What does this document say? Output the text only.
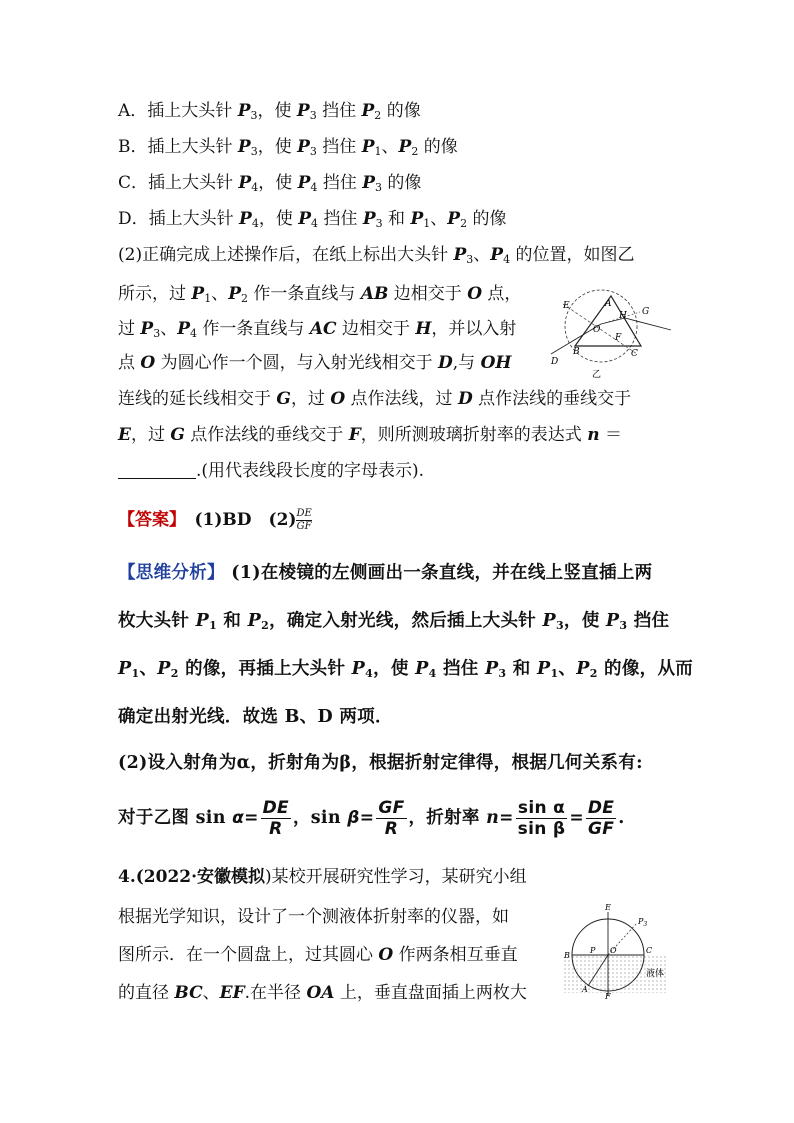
A．插上大头针 $P_3$，使 $P_3$ 挡住 $P_2$ 的像
B．插上大头针 $P_3$，使 $P_3$ 挡住 $P_1$、$P_2$ 的像
C．插上大头针 $P_4$，使 $P_4$ 挡住 $P_3$ 的像
D．插上大头针 $P_4$，使 $P_4$ 挡住 $P_3$ 和 $P_1$、$P_2$ 的像
(2)正确完成上述操作后，在纸上标出大头针 $P_3$、$P_4$ 的位置，如图乙
所示，过 $P_1$、$P_2$ 作一条直线与 AB 边相交于 O 点，
过 $P_3$、$P_4$ 作一条直线与 AC 边相交于 H，并以入射
点 O 为圆心作一个圆，与入射光线相交于 D,与 OH
连线的延长线相交于 G，过 O 点作法线，过 D 点作法线的垂线交于
E，过 G 点作法线的垂线交于 F，则所测玻璃折射率的表达式 n ＝
.(用代表线段长度的字母表示).
A
E
G
H
O
F
D
B	C
乙
【答案】　 (1)BD　$(2) \frac{DE}{GF}$
【思维分析】 (1)在棱镜的左侧画出一条直线，并在线上竖直插上两
枚大头针 $P_1$ 和 $P_2$，确定入射光线，然后插上大头针 $P_3$，使 $P_3$ 挡住
$P_1$、$P_2$ 的像，再插上大头针 $P_4$，使 $P_4$ 挡住 $P_3$ 和 $P_1$、$P_2$ 的像，从而
确定出射光线．故选 B、D 两项．
(2)设入射角为α，折射角为β，根据折射定律得，根据几何关系有:
对于乙图 $\sin \alpha= \frac{DE}{R}$ ，$\sin \beta= \frac{GF}{R}$ ，折射率 $n= \frac{\text{sin α}}{\text{sin β}} = \frac{DE}{GF}$ .
4.(2022·安徽模拟)某校开展研究性学习，某研究小组
根据光学知识，设计了一个测液体折射率的仪器，如
图所示．在一个圆盘上，过其圆心 O 作两条相互垂直
的直径 BC、EF.在半径 OA 上，垂直盘面插上两枚大
E
$P_3$
B
P O	C
A
F
液体
